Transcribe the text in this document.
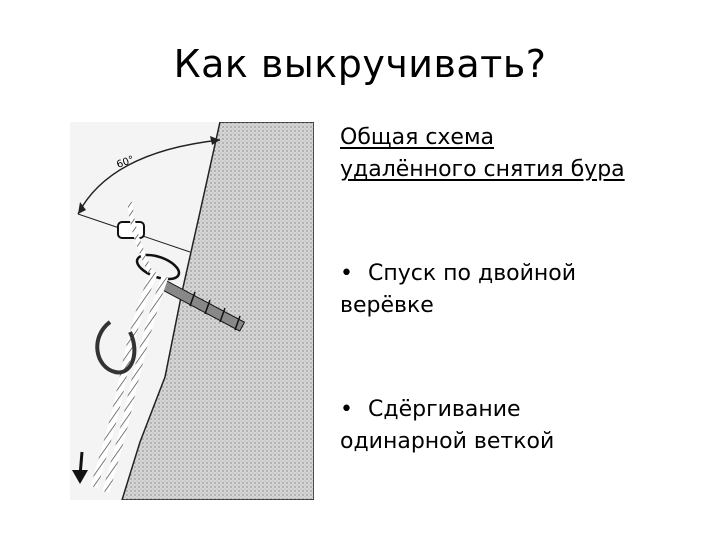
Как выкручивать?
60°

Общая схема

удалённого снятия бура

• Спуск по двойной
верёвке

• Сдёргивание
одинарной веткой
